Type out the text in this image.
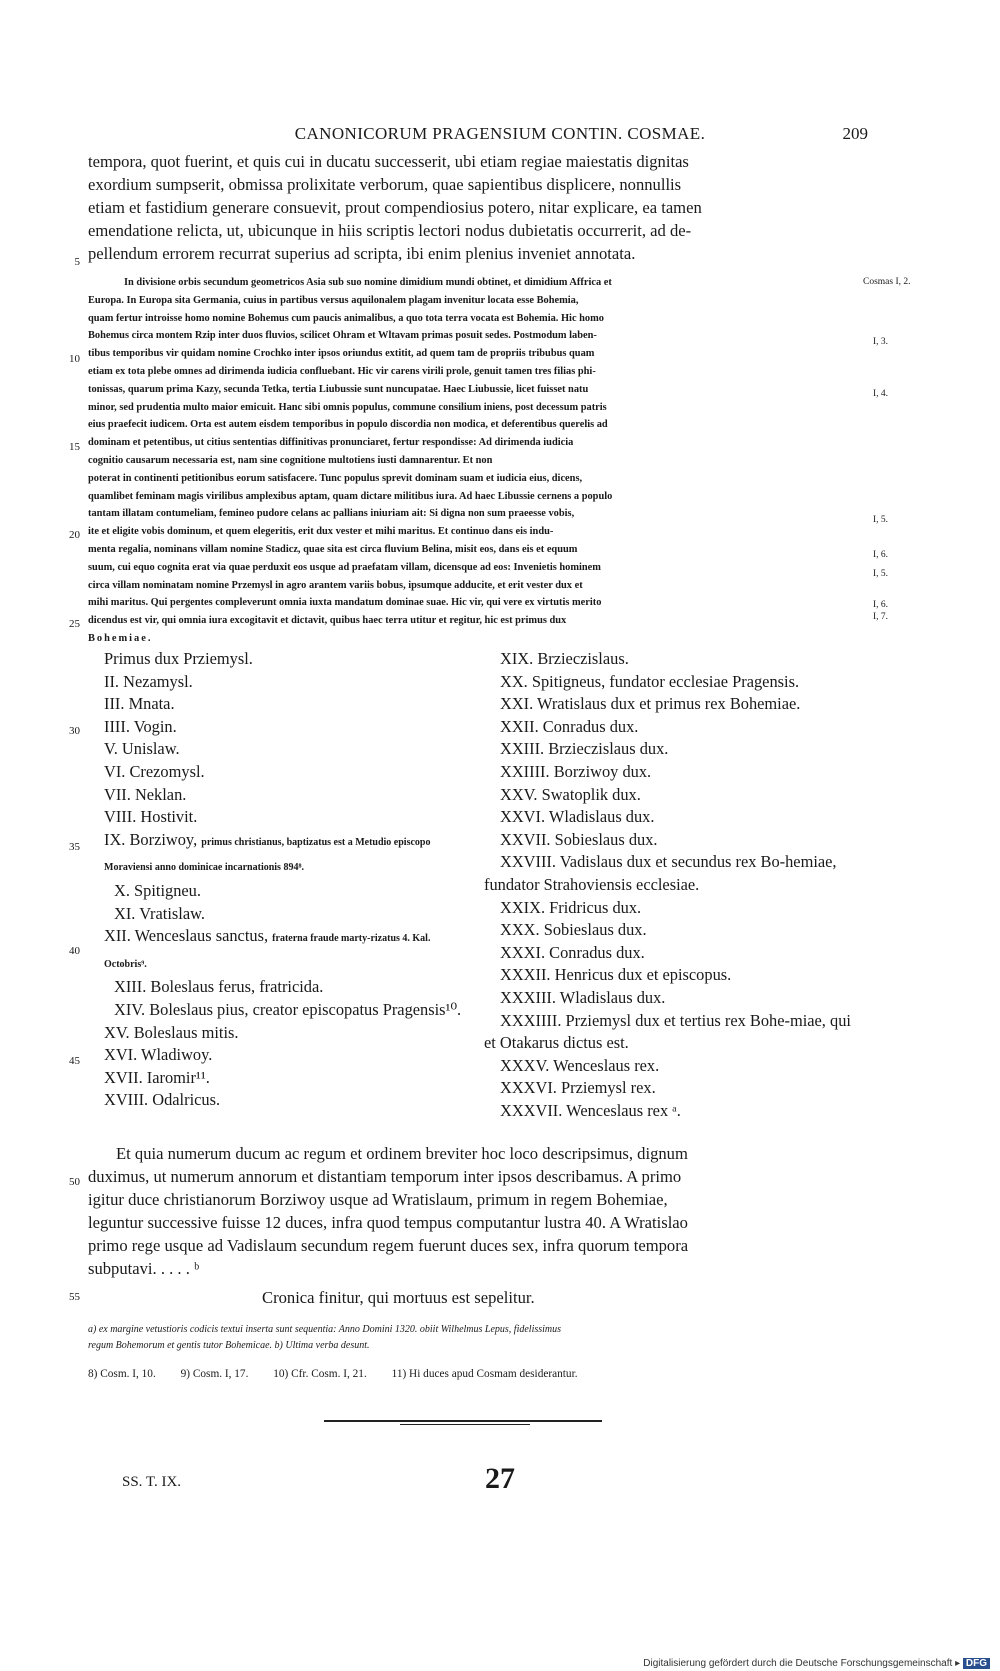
CANONICORUM PRAGENSIUM CONTIN. COSMAE.	209

tempora, quot fuerint, et quis cui in ducatu successerit, ubi etiam regiae maiestatis dignitas

exordium sumpserit, obmissa prolixitate verborum, quae sapientibus displicere, nonnullis

etiam et fastidium generare consuevit, prout compendiosius potero, nitar explicare, ea tamen

emendatione relicta, ut, ubicunque in hiis scriptis lectori nodus dubietatis occurrerit, ad de-

pellendum errorem recurrat superius ad scripta, ibi enim plenius inveniet annotata.

In divisione orbis secundum geometricos Asia sub suo nomine dimidium mundi obtinet, et dimidium Affrica et

Europa. In Europa sita Germania, cuius in partibus versus aquilonalem plagam invenitur locata esse Bohemia,

quam fertur introisse homo nomine Bohemus cum paucis animalibus, a quo tota terra vocata est Bohemia. Hic homo

Bohemus circa montem Rzip inter duos fluvios, scilicet Ohram et Wltavam primas posuit sedes. Postmodum laben-

tibus temporibus vir quidam nomine Crochko inter ipsos oriundus extitit, ad quem tam de propriis tribubus quam

etiam ex tota plebe omnes ad dirimenda iudicia confluebant. Hic vir carens virili prole, genuit tamen tres filias phi-

tonissas, quarum prima Kazy, secunda Tetka, tertia Liubussie sunt nuncupatae. Haec Liubussie, licet fuisset natu

minor, sed prudentia multo maior emicuit. Hanc sibi omnis populus, commune consilium iniens, post decessum patris

eius praefecit iudicem. Orta est autem eisdem temporibus in populo discordia non modica, et deferentibus querelis ad

dominam et petentibus, ut citius sententias diffinitivas pronunciaret, fertur respondisse: Ad dirimenda iudicia

cognitio causarum necessaria est, nam sine cognitione multotiens iusti damnarentur. Et non

poterat in continenti petitionibus eorum satisfacere. Tunc populus sprevit dominam suam et iudicia eius, dicens,

quamlibet feminam magis virilibus amplexibus aptam, quam dictare militibus iura. Ad haec Libussie cernens a populo

tantam illatam contumeliam, femineo pudore celans ac pallians iniuriam ait: Si digna non sum praeesse vobis,

ite et eligite vobis dominum, et quem elegeritis, erit dux vester et mihi maritus. Et continuo dans eis indu-

menta regalia, nominans villam nomine Stadicz, quae sita est circa fluvium Belina, misit eos, dans eis et equum

suum, cui equo cognita erat via quae perduxit eos usque ad praefatam villam, dicensque ad eos: Invenietis hominem

circa villam nominatam nomine Przemysl in agro arantem variis bobus, ipsumque adducite, et erit vester dux et

mihi maritus. Qui pergentes compleverunt omnia iuxta mandatum dominae suae. Hic vir, qui vere ex virtutis merito

dicendus est vir, qui omnia iura excogitavit et dictavit, quibus haec terra utitur et regitur, hic est primus dux

Bohemiae.

5
10
15
20
25
30
35
40
45
50
55
Cosmas I, 2.
I, 3.
I, 4.
I, 5.
I, 6.
I, 5.
I, 6.
I, 7.
Primus dux Prziemysl.
II. Nezamysl.
III. Mnata.
IIII. Vogin.
V. Unislaw.
VI. Crezomysl.
VII. Neklan.
VIII. Hostivit.
IX. Borziwoy, primus christianus, baptizatus est a Metudio episcopo Moraviensi anno dominicae incarnationis 894⁸.
X. Spitigneu.
XI. Vratislaw.
XII. Wenceslaus sanctus, fraterna fraude marty-rizatus 4. Kal. Octobris⁹.
XIII. Boleslaus ferus, fratricida.
XIV. Boleslaus pius, creator episcopatus Pragensis¹⁰.
XV. Boleslaus mitis.
XVI. Wladiwoy.
XVII. Iaromir¹¹.
XVIII. Odalricus.
XIX. Brzieczislaus.
XX. Spitigneus, fundator ecclesiae Pragensis.
XXI. Wratislaus dux et primus rex Bohemiae.
XXII. Conradus dux.
XXIII. Brzieczislaus dux.
XXIIII. Borziwoy dux.
XXV. Swatoplik dux.
XXVI. Wladislaus dux.
XXVII. Sobieslaus dux.
XXVIII. Vadislaus dux et secundus rex Bo-hemiae, fundator Strahoviensis ecclesiae.
XXIX. Fridricus dux.
XXX. Sobieslaus dux.
XXXI. Conradus dux.
XXXII. Henricus dux et episcopus.
XXXIII. Wladislaus dux.
XXXIIII. Prziemysl dux et tertius rex Bohe-miae, qui et Otakarus dictus est.
XXXV. Wenceslaus rex.
XXXVI. Prziemysl rex.
XXXVII. Wenceslaus rex ᵃ.

Et quia numerum ducum ac regum et ordinem breviter hoc loco descripsimus, dignum

duximus, ut numerum annorum et distantiam temporum inter ipsos describamus. A primo

igitur duce christianorum Borziwoy usque ad Wratislaum, primum in regem Bohemiae,

leguntur successive fuisse 12 duces, infra quod tempus computantur lustra 40. A Wratislao

primo rege usque ad Vadislaum secundum regem fuerunt duces sex, infra quorum tempora

subputavi. . . . . ᵇ

Cronica finitur, qui mortuus est sepelitur.
a) ex margine vetustioris codicis textui inserta sunt sequentia: Anno Domini 1320. obiit Wilhelmus Lepus, fidelissimus
regum Bohemorum et gentis tutor Bohemicae. b) Ultima verba desunt.
8) Cosm. I, 10. 9) Cosm. I, 17. 10) Cfr. Cosm. I, 21. 11) Hi duces apud Cosmam desiderantur.
SS. T. IX.	27
Digitalisierung gefördert durch die Deutsche Forschungsgemeinschaft ▸ DFG
